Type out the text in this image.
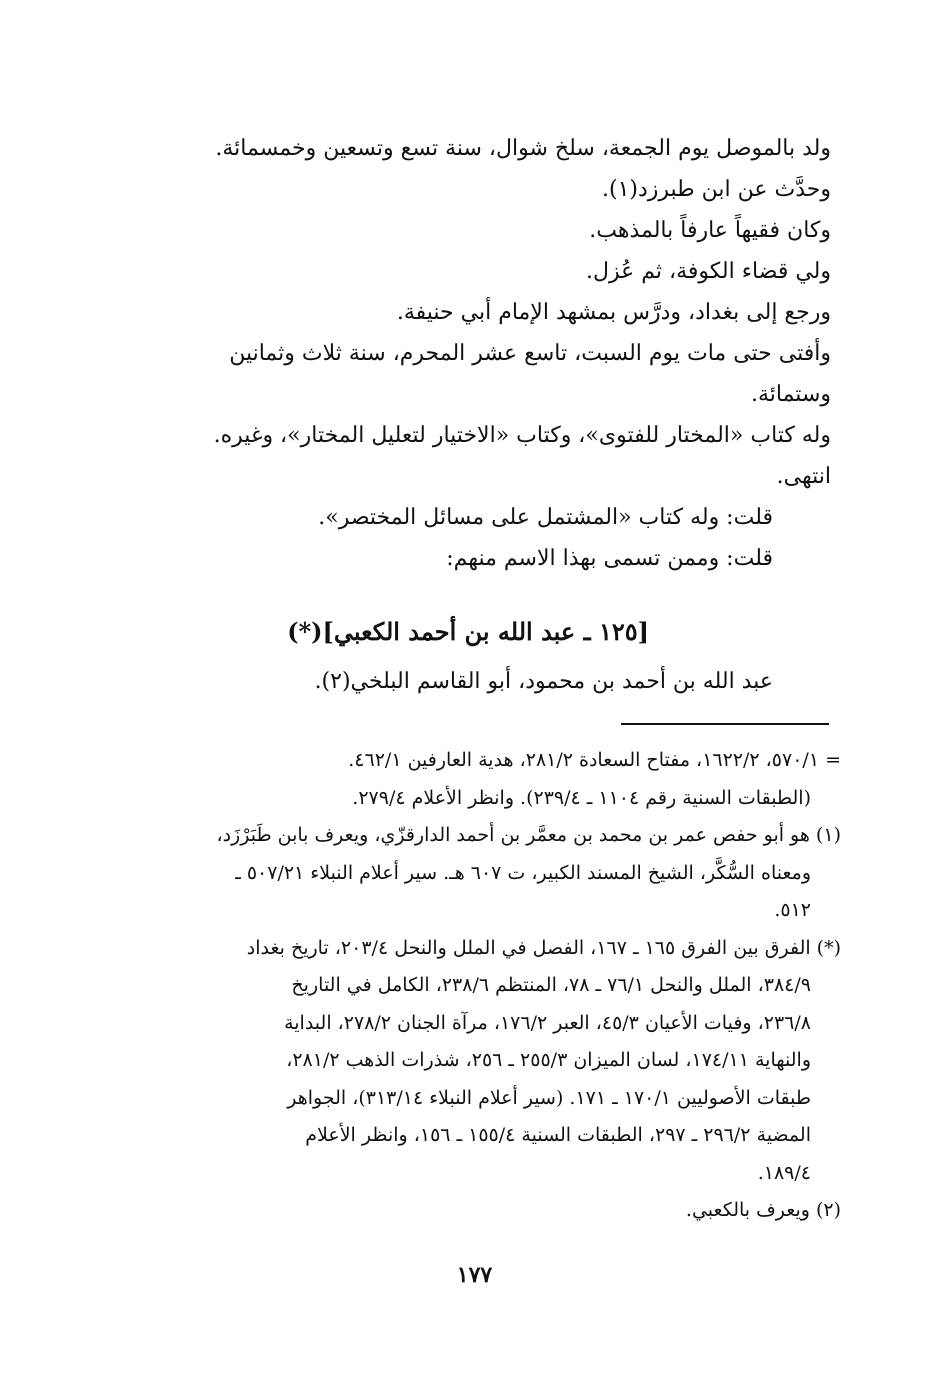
ولد بالموصل يوم الجمعة، سلخ شوال، سنة تسع وتسعين وخمسمائة.
وحدَّث عن ابن طبرزد(١).
وكان فقيهاً عارفاً بالمذهب.
ولي قضاء الكوفة، ثم عُزل.
ورجع إلى بغداد، ودرَّس بمشهد الإمام أبي حنيفة.
وأفتى حتى مات يوم السبت، تاسع عشر المحرم، سنة ثلاث وثمانين
وستمائة.
وله كتاب «المختار للفتوى»، وكتاب «الاختيار لتعليل المختار»، وغيره.
انتهى.
قلت: وله كتاب «المشتمل على مسائل المختصر».
قلت: وممن تسمى بهذا الاسم منهم:
[١٢٥ ـ عبد الله بن أحمد الكعبي](*)
عبد الله بن أحمد بن محمود، أبو القاسم البلخي(٢).
= ٥٧٠/١، ١٦٢٢/٢، مفتاح السعادة ٢٨١/٢، هدية العارفين ٤٦٢/١.
(الطبقات السنية رقم ١١٠٤ ـ ٢٣٩/٤). وانظر الأعلام ٢٧٩/٤.
(١) هو أبو حفص عمر بن محمد بن معمَّر بن أحمد الدارقزّي، ويعرف بابن طَبَرْزَد،
ومعناه السُّكَّر، الشيخ المسند الكبير، ت ٦٠٧ هـ. سير أعلام النبلاء ٥٠٧/٢١ ـ
٥١٢.
(*) الفرق بين الفرق ١٦٥ ـ ١٦٧، الفصل في الملل والنحل ٢٠٣/٤، تاريخ بغداد
٣٨٤/٩، الملل والنحل ٧٦/١ ـ ٧٨، المنتظم ٢٣٨/٦، الكامل في التاريخ
٢٣٦/٨، وفيات الأعيان ٤٥/٣، العبر ١٧٦/٢، مرآة الجنان ٢٧٨/٢، البداية
والنهاية ١٧٤/١١، لسان الميزان ٢٥٥/٣ ـ ٢٥٦، شذرات الذهب ٢٨١/٢،
طبقات الأصوليين ١٧٠/١ ـ ١٧١. (سير أعلام النبلاء ٣١٣/١٤)، الجواهر
المضية ٢٩٦/٢ ـ ٢٩٧، الطبقات السنية ١٥٥/٤ ـ ١٥٦، وانظر الأعلام
١٨٩/٤.
(٢) ويعرف بالكعبي.
١٧٧
